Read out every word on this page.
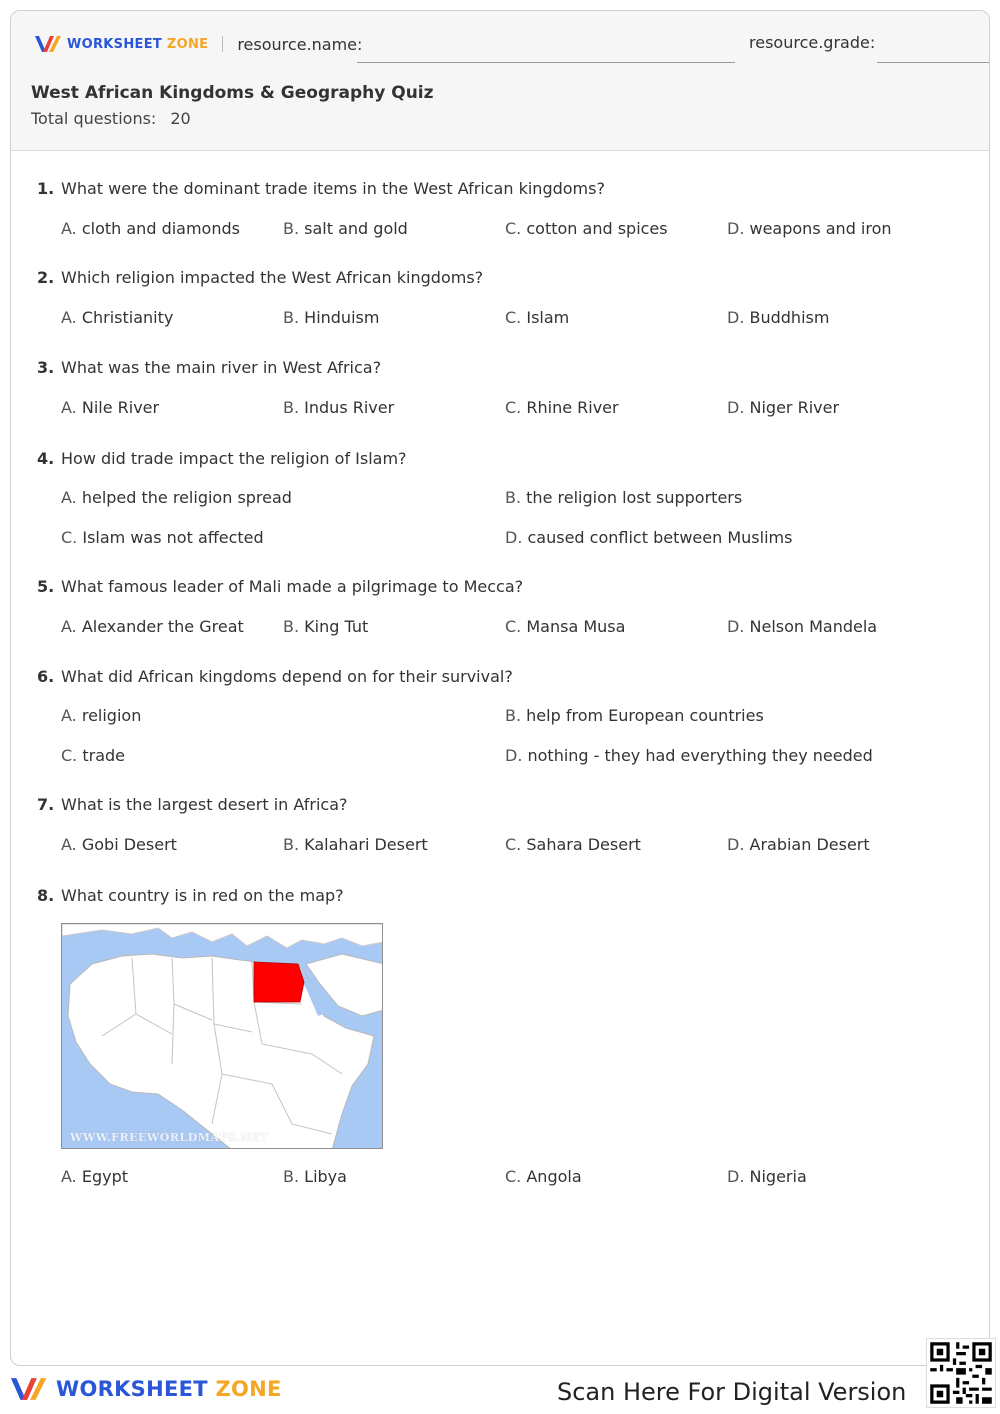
WORKSHEET ZONE resource.name:	resource.grade:
West African Kingdoms & Geography Quiz
Total questions: 20
1. What were the dominant trade items in the West African kingdoms?
A. cloth and diamonds	B. salt and gold	C. cotton and spices	D. weapons and iron
2. Which religion impacted the West African kingdoms?
A. Christianity	B. Hinduism	C. Islam	D. Buddhism
3. What was the main river in West Africa?
A. Nile River	B. Indus River	C. Rhine River	D. Niger River
4. How did trade impact the religion of Islam?
A. helped the religion spread	B. the religion lost supporters
C. Islam was not affected	D. caused conflict between Muslims
5. What famous leader of Mali made a pilgrimage to Mecca?
A. Alexander the Great B. King Tut	C. Mansa Musa	D. Nelson Mandela
6. What did African kingdoms depend on for their survival?
A. religion	B. help from European countries
C. trade	D. nothing - they had everything they needed
7. What is the largest desert in Africa?
A. Gobi Desert	B. Kalahari Desert	C. Sahara Desert	D. Arabian Desert
8. What country is in red on the map?
WWW.FREEWORLDMAPS.NET
A. Egypt	B. Libya	C. Angola	D. Nigeria
WORKSHEET ZONE	Scan Here For Digital Version
